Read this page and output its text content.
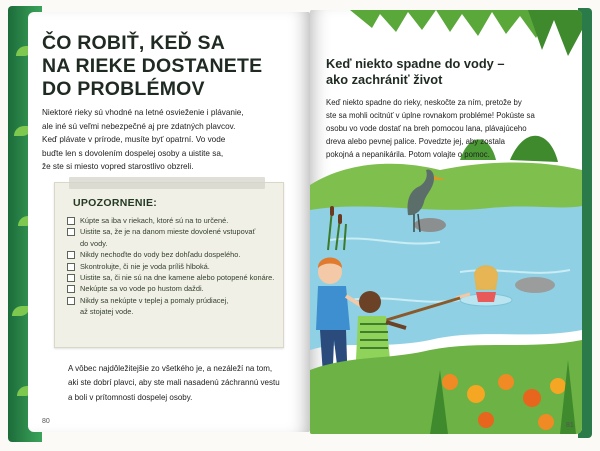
Keď niekto spadne do vody –
ako zachrániť život
Keď niekto spadne do rieky, neskočte za ním, pretože by
ste sa mohli ocitnúť v úplne rovnakom probléme! Pokúste sa
osobu vo vode dostať na breh pomocou lana, plávajúceho
dreva alebo pevnej palice. Povedzte jej, aby zostala
pokojná a nepanikárila. Potom volajte o pomoc.
81
ČO ROBIŤ, KEĎ SA
NA RIEKE DOSTANETE
DO PROBLÉMOV
Niektoré rieky sú vhodné na letné osvieženie i plávanie,
ale iné sú veľmi nebezpečné aj pre zdatných plavcov.
Keď plávate v prírode, musíte byť opatrní. Vo vode
buďte len s dovolením dospelej osoby a uistite sa,
že ste si miesto vopred starostlivo obzreli.
UPOZORNENIE:
Kúpte sa iba v riekach, ktoré sú na to určené.
Uistite sa, že je na danom mieste dovolené vstupovať
do vody.
Nikdy nechoďte do vody bez dohľadu dospelého.
Skontrolujte, či nie je voda príliš hlboká.
Uistite sa, či nie sú na dne kamene alebo potopené konáre.
Nekúpte sa vo vode po hustom daždi.
Nikdy sa nekúpte v teplej a pomaly prúdiacej,
až stojatej vode.
A vôbec najdôležitejšie zo všetkého je, a nezáleží na tom,
aki ste dobrí plavci, aby ste mali nasadenú záchrannú vestu
a boli v prítomnosti dospelej osoby.
80
